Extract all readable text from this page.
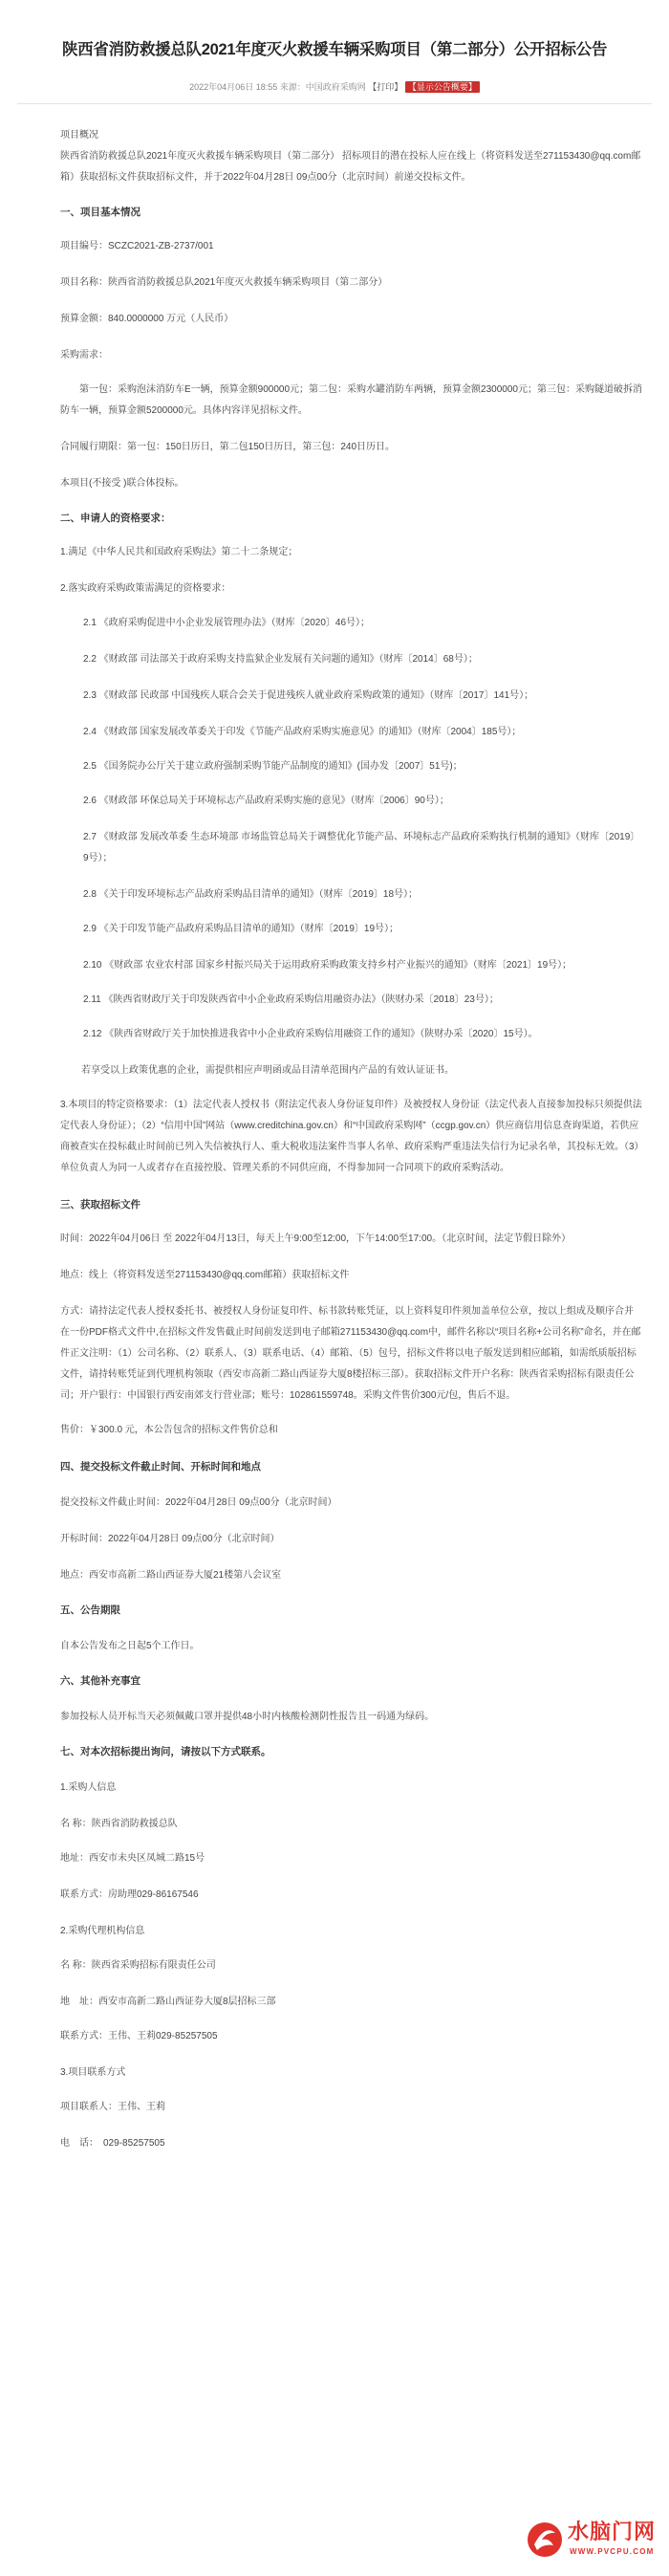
陕西省消防救援总队2021年度灭火救援车辆采购项目（第二部分）公开招标公告
2022年04月06日 18:55 来源：中国政府采购网 【打印】 【显示公告概要】

项目概况

陕西省消防救援总队2021年度灭火救援车辆采购项目（第二部分） 招标项目的潜在投标人应在线上（将资料发送至271153430@qq.com邮箱）获取招标文件获取招标文件，并于2022年04月28日 09点00分（北京时间）前递交投标文件。

一、项目基本情况

项目编号：SCZC2021-ZB-2737/001

项目名称：陕西省消防救援总队2021年度灭火救援车辆采购项目（第二部分）

预算金额：840.0000000 万元（人民币）

采购需求：

　　第一包：采购泡沫消防车E一辆，预算金额900000元；第二包：采购水罐消防车两辆，预算金额2300000元；第三包：采购隧道破拆消防车一辆，预算金额5200000元。具体内容详见招标文件。

合同履行期限：第一包：150日历日，第二包150日历日，第三包：240日历日。

本项目(不接受 )联合体投标。

二、申请人的资格要求：

1.满足《中华人民共和国政府采购法》第二十二条规定；

2.落实政府采购政策需满足的资格要求：

2.1 《政府采购促进中小企业发展管理办法》（财库〔2020〕46号）；

2.2 《财政部 司法部关于政府采购支持监狱企业发展有关问题的通知》（财库〔2014〕68号）；

2.3 《财政部 民政部 中国残疾人联合会关于促进残疾人就业政府采购政策的通知》（财库〔2017〕141号）；

2.4 《财政部 国家发展改革委关于印发《节能产品政府采购实施意见》的通知》（财库〔2004〕185号）；

2.5 《国务院办公厅关于建立政府强制采购节能产品制度的通知》(国办发〔2007〕51号)；

2.6 《财政部 环保总局关于环境标志产品政府采购实施的意见》（财库〔2006〕90号）；

2.7 《财政部 发展改革委 生态环境部 市场监管总局关于调整优化节能产品、环境标志产品政府采购执行机制的通知》（财库〔2019〕9号）；

2.8 《关于印发环境标志产品政府采购品目清单的通知》（财库〔2019〕18号）；

2.9 《关于印发节能产品政府采购品目清单的通知》（财库〔2019〕19号）；

2.10 《财政部 农业农村部 国家乡村振兴局关于运用政府采购政策支持乡村产业振兴的通知》（财库〔2021〕19号）；

2.11 《陕西省财政厅关于印发陕西省中小企业政府采购信用融资办法》（陕财办采〔2018〕23号）；

2.12 《陕西省财政厅关于加快推进我省中小企业政府采购信用融资工作的通知》（陕财办采〔2020〕15号）。

若享受以上政策优惠的企业，需提供相应声明函或品目清单范围内产品的有效认证证书。

3.本项目的特定资格要求：（1）法定代表人授权书（附法定代表人身份证复印件）及被授权人身份证（法定代表人直接参加投标只须提供法定代表人身份证）；（2）“信用中国”网站（www.creditchina.gov.cn）和“中国政府采购网”（ccgp.gov.cn）供应商信用信息查询渠道，若供应商被查实在投标截止时间前已列入失信被执行人、重大税收违法案件当事人名单、政府采购严重违法失信行为记录名单，其投标无效。（3）单位负责人为同一人或者存在直接控股、管理关系的不同供应商，不得参加同一合同项下的政府采购活动。

三、获取招标文件

时间：2022年04月06日 至 2022年04月13日，每天上午9:00至12:00，下午14:00至17:00。（北京时间，法定节假日除外）

地点：线上（将资料发送至271153430@qq.com邮箱）获取招标文件

方式：请持法定代表人授权委托书、被授权人身份证复印件、标书款转账凭证，以上资料复印件须加盖单位公章，按以上组成及顺序合并在一份PDF格式文件中,在招标文件发售截止时间前发送到电子邮箱271153430@qq.com中，邮件名称以“项目名称+公司名称”命名，并在邮件正文注明：（1）公司名称、（2）联系人、（3）联系电话、（4）邮箱、（5）包号，招标文件将以电子版发送到相应邮箱，如需纸质版招标文件，请持转账凭证到代理机构领取（西安市高新二路山西证券大厦8楼招标三部）。获取招标文件开户名称：陕西省采购招标有限责任公司；开户银行：中国银行西安南郊支行营业部；账号：102861559748。采购文件售价300元/包，售后不退。

售价：￥300.0 元，本公告包含的招标文件售价总和

四、提交投标文件截止时间、开标时间和地点

提交投标文件截止时间：2022年04月28日 09点00分（北京时间）

开标时间：2022年04月28日 09点00分（北京时间）

地点：西安市高新二路山西证券大厦21楼第八会议室

五、公告期限

自本公告发布之日起5个工作日。

六、其他补充事宜

参加投标人员开标当天必须佩戴口罩并提供48小时内核酸检测阴性报告且一码通为绿码。

七、对本次招标提出询问，请按以下方式联系。

1.采购人信息

名 称：陕西省消防救援总队

地址：西安市未央区凤城二路15号

联系方式：房助理029-86167546

2.采购代理机构信息

名 称：陕西省采购招标有限责任公司

地　址：西安市高新二路山西证券大厦8层招标三部

联系方式：王伟、王莉029-85257505

3.项目联系方式

项目联系人：王伟、王莉

电　话：　029-85257505

水脑门网
WWW.PVCPU.COM
